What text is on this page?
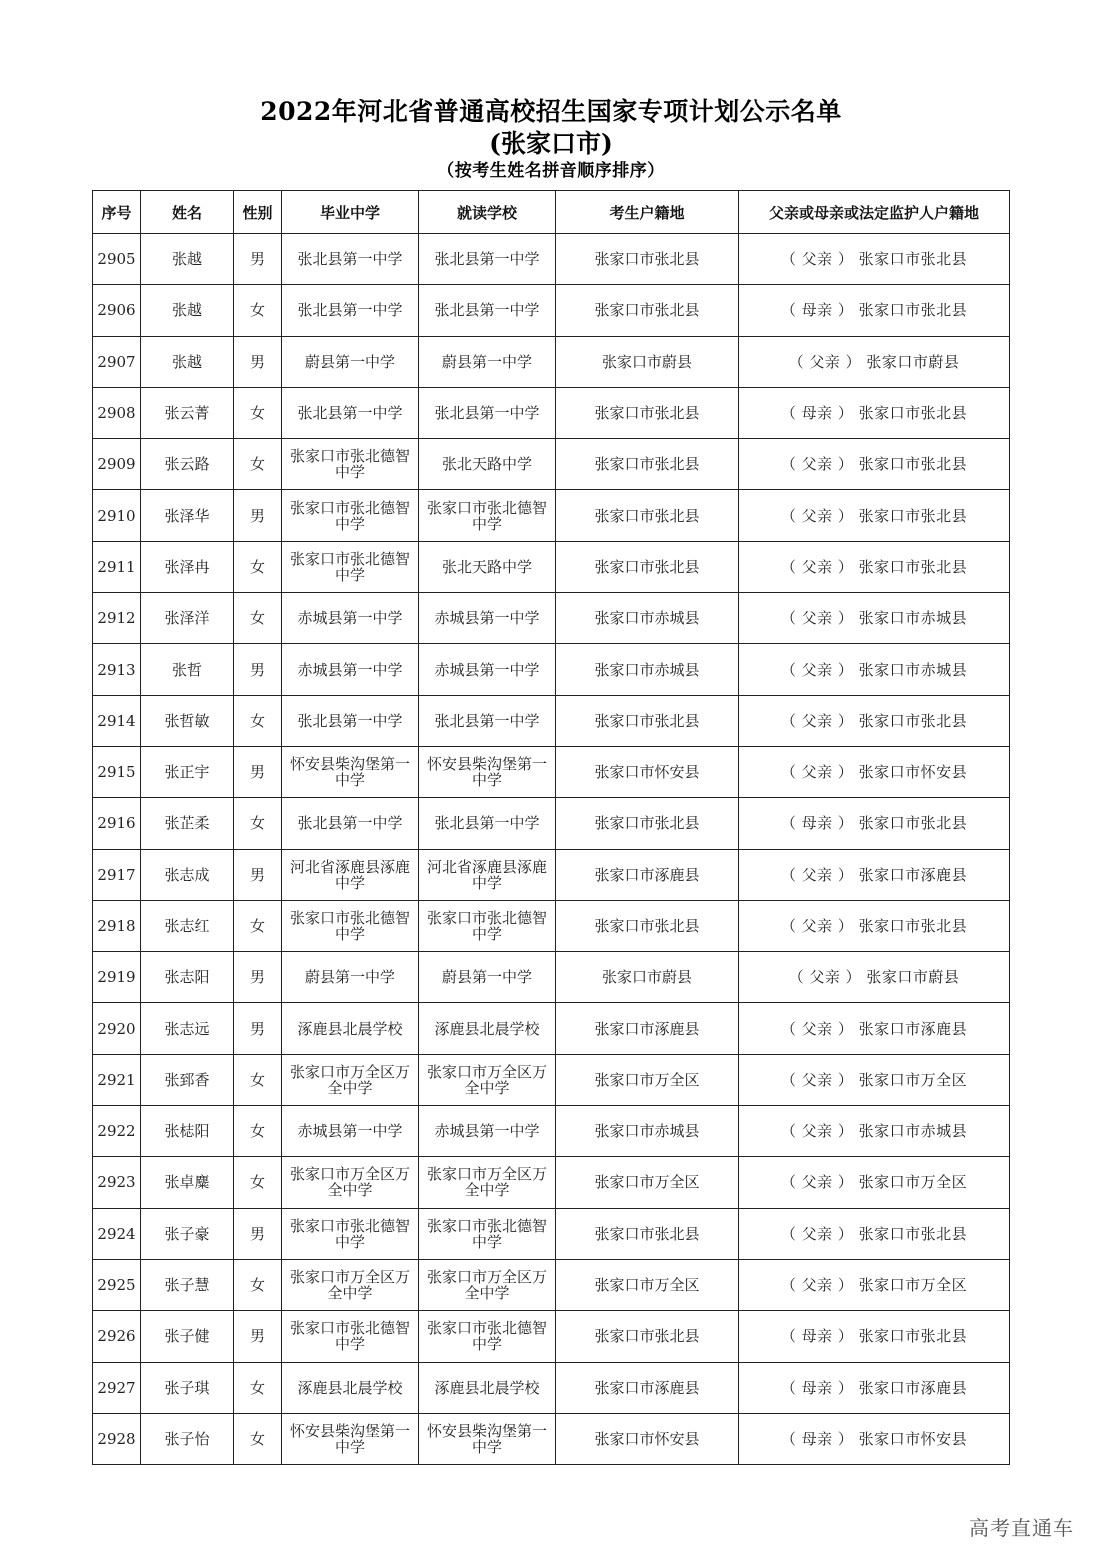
2022年河北省普通高校招生国家专项计划公示名单
(张家口市)
（按考生姓名拼音顺序排序）
序号	姓名	性别	毕业中学	就读学校	考生户籍地	父亲或母亲或法定监护人户籍地
2905	张越	男	张北县第一中学	张北县第一中学	张家口市张北县	（ 父亲 ） 张家口市张北县
2906	张越	女	张北县第一中学	张北县第一中学	张家口市张北县	（ 母亲 ） 张家口市张北县
2907	张越	男	蔚县第一中学	蔚县第一中学	张家口市蔚县	（ 父亲 ） 张家口市蔚县
2908	张云菁	女	张北县第一中学	张北县第一中学	张家口市张北县	（ 母亲 ） 张家口市张北县
2909	张云路	女	张家口市张北德智中学	张北天路中学	张家口市张北县	（ 父亲 ） 张家口市张北县
2910	张泽华	男	张家口市张北德智中学	张家口市张北德智中学	张家口市张北县	（ 父亲 ） 张家口市张北县
2911	张泽冉	女	张家口市张北德智中学	张北天路中学	张家口市张北县	（ 父亲 ） 张家口市张北县
2912	张泽洋	女	赤城县第一中学	赤城县第一中学	张家口市赤城县	（ 父亲 ） 张家口市赤城县
2913	张哲	男	赤城县第一中学	赤城县第一中学	张家口市赤城县	（ 父亲 ） 张家口市赤城县
2914	张哲敏	女	张北县第一中学	张北县第一中学	张家口市张北县	（ 父亲 ） 张家口市张北县
2915	张正宇	男	怀安县柴沟堡第一中学	怀安县柴沟堡第一中学	张家口市怀安县	（ 父亲 ） 张家口市怀安县
2916	张芷柔	女	张北县第一中学	张北县第一中学	张家口市张北县	（ 母亲 ） 张家口市张北县
2917	张志成	男	河北省涿鹿县涿鹿中学	河北省涿鹿县涿鹿中学	张家口市涿鹿县	（ 父亲 ） 张家口市涿鹿县
2918	张志红	女	张家口市张北德智中学	张家口市张北德智中学	张家口市张北县	（ 父亲 ） 张家口市张北县
2919	张志阳	男	蔚县第一中学	蔚县第一中学	张家口市蔚县	（ 父亲 ） 张家口市蔚县
2920	张志远	男	涿鹿县北晨学校	涿鹿县北晨学校	张家口市涿鹿县	（ 父亲 ） 张家口市涿鹿县
2921	张郅香	女	张家口市万全区万全中学	张家口市万全区万全中学	张家口市万全区	（ 父亲 ） 张家口市万全区
2922	张梽阳	女	赤城县第一中学	赤城县第一中学	张家口市赤城县	（ 父亲 ） 张家口市赤城县
2923	张卓麋	女	张家口市万全区万全中学	张家口市万全区万全中学	张家口市万全区	（ 父亲 ） 张家口市万全区
2924	张子豪	男	张家口市张北德智中学	张家口市张北德智中学	张家口市张北县	（ 父亲 ） 张家口市张北县
2925	张子慧	女	张家口市万全区万全中学	张家口市万全区万全中学	张家口市万全区	（ 父亲 ） 张家口市万全区
2926	张子健	男	张家口市张北德智中学	张家口市张北德智中学	张家口市张北县	（ 母亲 ） 张家口市张北县
2927	张子琪	女	涿鹿县北晨学校	涿鹿县北晨学校	张家口市涿鹿县	（ 母亲 ） 张家口市涿鹿县
2928	张子怡	女	怀安县柴沟堡第一中学	怀安县柴沟堡第一中学	张家口市怀安县	（ 母亲 ） 张家口市怀安县
高考直通车
